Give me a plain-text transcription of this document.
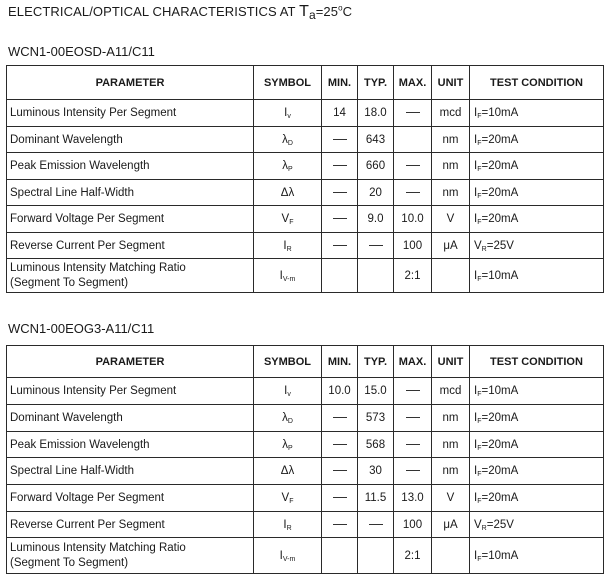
ELECTRICAL/OPTICAL CHARACTERISTICS AT $Ta=25^oC$
WCN1-00EOSD-A11/C11
PARAMETER	SYMBOL	MIN.	TYP.	MAX.	UNIT	TEST CONDITION
Luminous Intensity Per Segment	Iv	14	18.0		mcd	IF=10mA
Dominant Wavelength	λD		643		nm	IF=20mA
Peak Emission Wavelength	λP		660		nm	IF=20mA
Spectral Line Half-Width	Δλ		20		nm	IF=20mA
Forward Voltage Per Segment	VF		9.0	10.0	V	IF=20mA
Reverse Current Per Segment	IR			100	μA	VR=25V
Luminous Intensity Matching Ratio
(Segment To Segment)	IV-m			2:1		IF=10mA
WCN1-00EOG3-A11/C11
PARAMETER	SYMBOL	MIN.	TYP.	MAX.	UNIT	TEST CONDITION
Luminous Intensity Per Segment	Iv	10.0	15.0		mcd	IF=10mA
Dominant Wavelength	λD		573		nm	IF=20mA
Peak Emission Wavelength	λP		568		nm	IF=20mA
Spectral Line Half-Width	Δλ		30		nm	IF=20mA
Forward Voltage Per Segment	VF		11.5	13.0	V	IF=20mA
Reverse Current Per Segment	IR			100	μA	VR=25V
Luminous Intensity Matching Ratio
(Segment To Segment)	IV-m			2:1		IF=10mA
